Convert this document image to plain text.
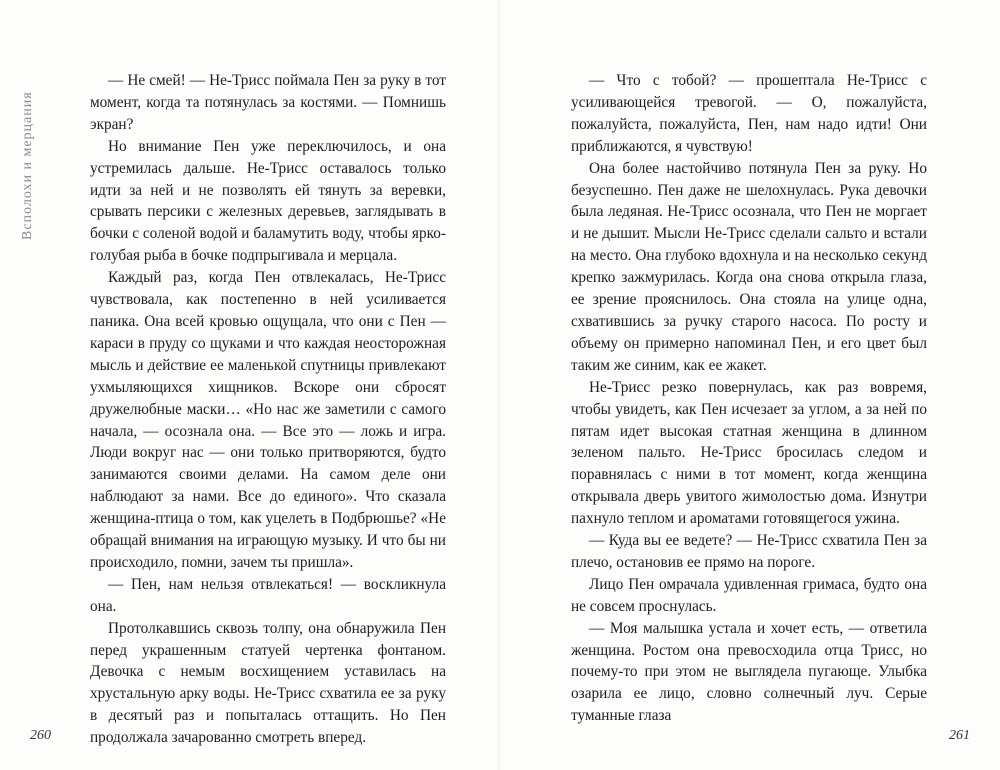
Всполохи и мерцания

— Не смей! — Не-Трисс поймала Пен за руку в тот момент, когда та потянулась за костями. — Помнишь экран?

Но внимание Пен уже переключилось, и она устремилась дальше. Не-Триcс оставалось только идти за ней и не позволять ей тянуть за веревки, срывать персики с железных деревьев, заглядывать в бочки с соленой водой и баламутить воду, чтобы ярко-голубая рыба в бочке подпрыгивала и мерцала.

Каждый раз, когда Пен отвлекалась, Не-Трисс чувствовала, как постепенно в ней усиливается паника. Она всей кровью ощущала, что они с Пен — караси в пруду со щуками и что каждая неосторожная мысль и действие ее маленькой спутницы привлекают ухмыляющихся хищников. Вскоре они сбросят дружелюбные маски… «Но нас же заметили с самого начала, — осознала она. — Все это — ложь и игра. Люди вокруг нас — они только притворяются, будто занимаются своими делами. На самом деле они наблюдают за нами. Все до единого». Что сказала женщина-птица о том, как уцелеть в Подбрюшье? «Не обращай внимания на играющую музыку. И что бы ни происходило, помни, зачем ты пришла».

— Пен, нам нельзя отвлекаться! — воскликнула она.

Протолкавшись сквозь толпу, она обнаружила Пен перед украшенным статуей чертенка фонтаном. Девочка с немым восхищением уставилась на хрустальную арку воды. Не-Трисс схватила ее за руку в десятый раз и попыталась оттащить. Но Пен продолжала зачарованно смотреть вперед.

260

— Что с тобой? — прошептала Не-Трисс с усиливающейся тревогой. — О, пожалуйста, пожалуйста, пожалуйста, Пен, нам надо идти! Они приближаются, я чувствую!

Она более настойчиво потянула Пен за руку. Но безуспешно. Пен даже не шелохнулась. Рука девочки была ледяная. Не-Трисс осознала, что Пен не моргает и не дышит. Мысли Не-Трисс сделали сальто и встали на место. Она глубоко вдохнула и на несколько секунд крепко зажмурилась. Когда она снова открыла глаза, ее зрение прояснилось. Она стояла на улице одна, схватившись за ручку старого насоса. По росту и объему он примерно напоминал Пен, и его цвет был таким же синим, как ее жакет.

Не-Трисс резко повернулась, как раз вовремя, чтобы увидеть, как Пен исчезает за углом, а за ней по пятам идет высокая статная женщина в длинном зеленом пальто. Не-Трисс бросилась следом и поравнялась с ними в тот момент, когда женщина открывала дверь увитого жимолостью дома. Изнутри пахнуло теплом и ароматами готовящегося ужина.

— Куда вы ее ведете? — Не-Трисс схватила Пен за плечо, остановив ее прямо на пороге.

Лицо Пен омрачала удивленная гримаса, будто она не совсем проснулась.

— Моя малышка устала и хочет есть, — ответила женщина. Ростом она превосходила отца Трисс, но почему-то при этом не выглядела пугающе. Улыбка озарила ее лицо, словно солнечный луч. Серые туманные глаза

261
